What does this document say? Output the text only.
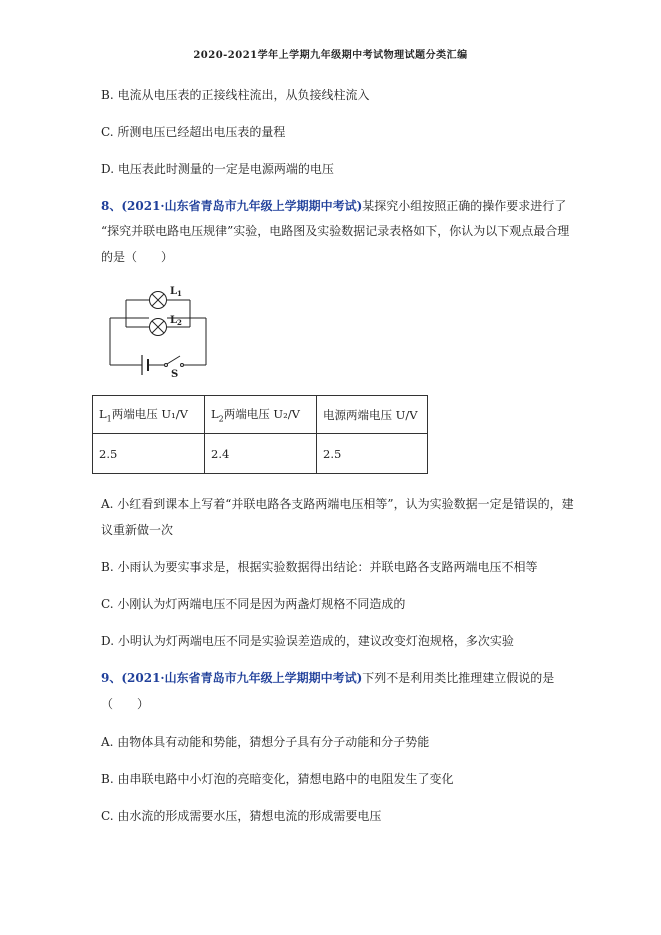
2020-2021学年上学期九年级期中考试物理试题分类汇编
B. 电流从电压表的正接线柱流出，从负接线柱流入
C. 所测电压已经超出电压表的量程
D. 电压表此时测量的一定是电源两端的电压
8、(2021·山东省青岛市九年级上学期期中考试)某探究小组按照正确的操作要求进行了
“探究并联电路电压规律”实验，电路图及实验数据记录表格如下，你认为以下观点最合理
的是（　　）
$L_1$
$L_2$
S
$L_1$两端电压 U₁/V	$L_2$两端电压 U₂/V	电源两端电压 U/V
2.5	2.4	2.5
A. 小红看到课本上写着“并联电路各支路两端电压相等”，认为实验数据一定是错误的，建
议重新做一次
B. 小雨认为要实事求是，根据实验数据得出结论：并联电路各支路两端电压不相等
C. 小刚认为灯两端电压不同是因为两盏灯规格不同造成的
D. 小明认为灯两端电压不同是实验误差造成的，建议改变灯泡规格，多次实验
9、(2021·山东省青岛市九年级上学期期中考试)下列不是利用类比推理建立假说的是
（　　）
A. 由物体具有动能和势能，猜想分子具有分子动能和分子势能
B. 由串联电路中小灯泡的亮暗变化，猜想电路中的电阻发生了变化
C. 由水流的形成需要水压，猜想电流的形成需要电压
